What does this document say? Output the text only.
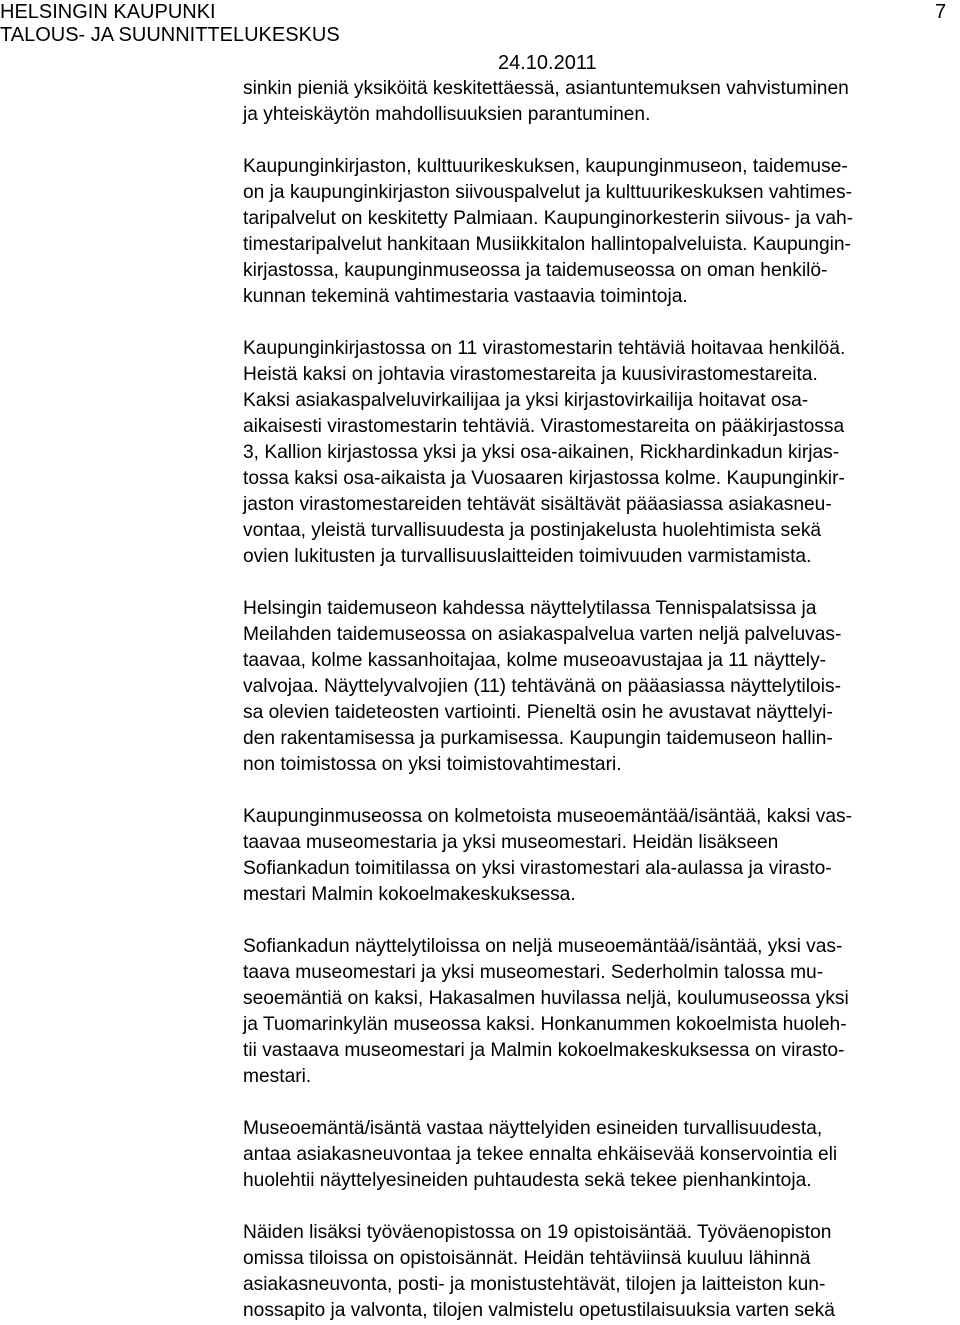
HELSINGIN KAUPUNKI
TALOUS- JA SUUNNITTELUKESKUS
7
24.10.2011
sinkin pieniä yksiköitä keskitettäessä, asiantuntemuksen vahvistuminen
ja yhteiskäytön mahdollisuuksien parantuminen.
Kaupunginkirjaston, kulttuurikeskuksen, kaupunginmuseon, taidemuse-
on ja kaupunginkirjaston siivouspalvelut ja kulttuurikeskuksen vahtimes-
taripalvelut on keskitetty Palmiaan. Kaupunginorkesterin siivous- ja vah-
timestaripalvelut hankitaan Musiikkitalon hallintopalveluista. Kaupungin-
kirjastossa, kaupunginmuseossa ja taidemuseossa on oman henkilö-
kunnan tekeminä vahtimestaria vastaavia toimintoja.
Kaupunginkirjastossa on 11 virastomestarin tehtäviä hoitavaa henkilöä.
Heistä kaksi on johtavia virastomestareita ja kuusivirastomestareita.
Kaksi asiakaspalveluvirkailijaa ja yksi kirjastovirkailija hoitavat osa-
aikaisesti virastomestarin tehtäviä. Virastomestareita on pääkirjastossa
3, Kallion kirjastossa yksi ja yksi osa-aikainen, Rickhardinkadun kirjas-
tossa kaksi osa-aikaista ja Vuosaaren kirjastossa kolme. Kaupunginkir-
jaston virastomestareiden tehtävät sisältävät pääasiassa asiakasneu-
vontaa, yleistä turvallisuudesta ja postinjakelusta huolehtimista sekä
ovien lukitusten ja turvallisuuslaitteiden toimivuuden varmistamista.
Helsingin taidemuseon kahdessa näyttelytilassa Tennispalatsissa ja
Meilahden taidemuseossa on asiakaspalvelua varten neljä palveluvas-
taavaa, kolme kassanhoitajaa, kolme museoavustajaa ja 11 näyttely-
valvojaa. Näyttelyvalvojien (11) tehtävänä on pääasiassa näyttelytilois-
sa olevien taideteosten vartiointi. Pieneltä osin he avustavat näyttelyi-
den rakentamisessa ja purkamisessa. Kaupungin taidemuseon hallin-
non toimistossa on yksi toimistovahtimestari.
Kaupunginmuseossa on kolmetoista museoemäntää/isäntää, kaksi vas-
taavaa museomestaria ja yksi museomestari. Heidän lisäkseen
Sofiankadun toimitilassa on yksi virastomestari ala-aulassa ja virasto-
mestari Malmin kokoelmakeskuksessa.
Sofiankadun näyttelytiloissa on neljä museoemäntää/isäntää, yksi vas-
taava museomestari ja yksi museomestari. Sederholmin talossa mu-
seoemäntiä on kaksi, Hakasalmen huvilassa neljä, koulumuseossa yksi
ja Tuomarinkylän museossa kaksi. Honkanummen kokoelmista huoleh-
tii vastaava museomestari ja Malmin kokoelmakeskuksessa on virasto-
mestari.
Museoemäntä/isäntä vastaa näyttelyiden esineiden turvallisuudesta,
antaa asiakasneuvontaa ja tekee ennalta ehkäisevää konservointia eli
huolehtii näyttelyesineiden puhtaudesta sekä tekee pienhankintoja.
Näiden lisäksi työväenopistossa on 19 opistoisäntää. Työväenopiston
omissa tiloissa on opistoisännät. Heidän tehtäviinsä kuuluu lähinnä
asiakasneuvonta, posti- ja monistustehtävät, tilojen ja laitteiston kun-
nossapito ja valvonta, tilojen valmistelu opetustilaisuuksia varten sekä
